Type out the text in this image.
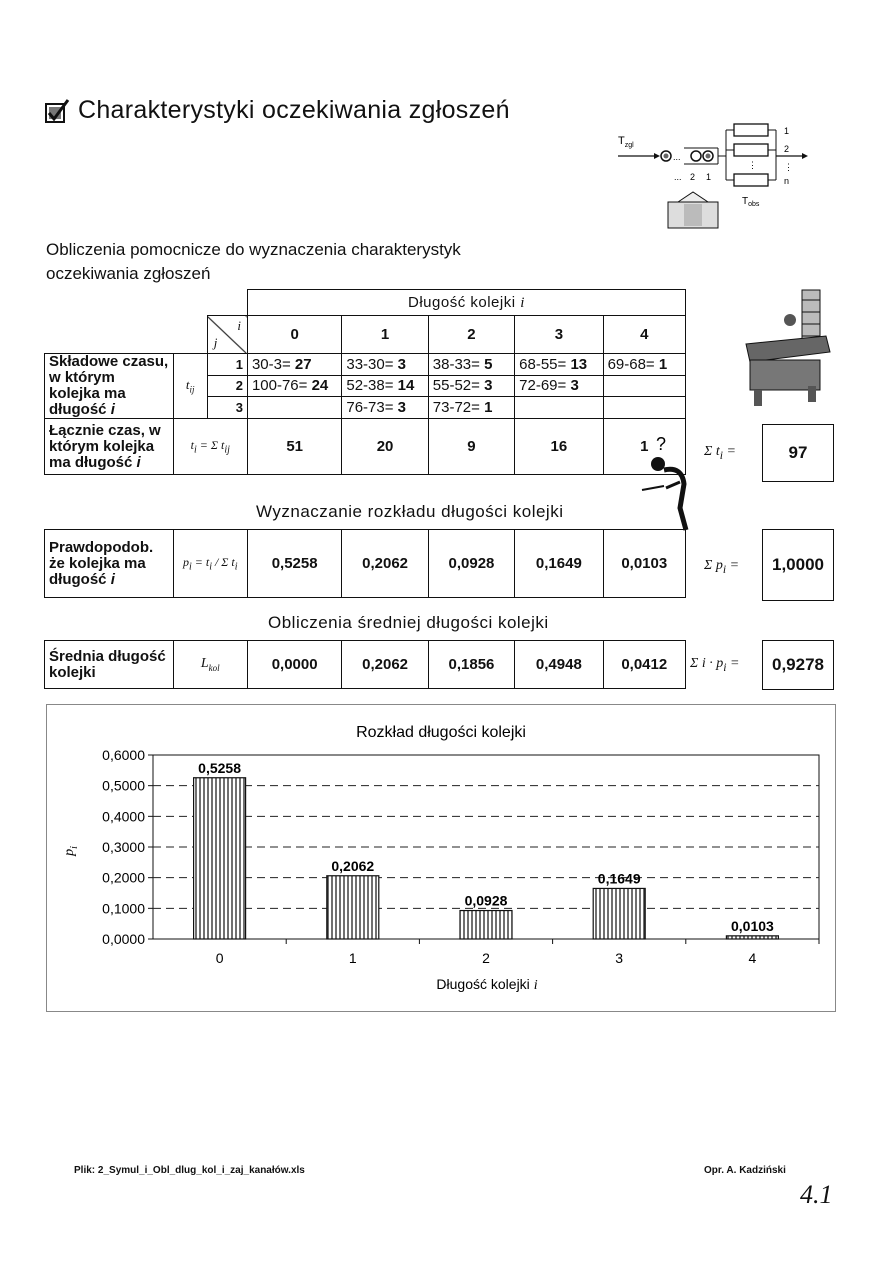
Charakterystyki oczekiwania zgłoszeń
$T_{zgl}$
...
... 2 1
⋮
1
2
⋮
n
$T_{obs}$
Obliczenia pomocnicze do wyznaczenia charakterystyk
oczekiwania zgłoszeń
			Długość kolejki i				

		i
j	0	1	2	3	4
Składowe czasu, w którym kolejka ma długość i	$t_{ij}$	1	30-3= 27	33-30= 3	38-33= 5	68-55= 13	69-68= 1
		2	100-76= 24	52-38= 14	55-52= 3	72-69= 3	
		3		76-73= 3	73-72= 1		
Łącznie czas, w którym kolejka ma długość i	$t_i = \Sigma$ $t_{ij}$		51	20	9	16	1	Σ $t_i$ =	97
?
Wyznaczanie rozkładu długości kolejki
Prawdopodob. że kolejka ma długość i	$p_i = t_i / \Sigma$ $t_i$	0,5258	0,2062	0,0928	0,1649	0,0103	Σ $p_i$ =	1,0000
Obliczenia średniej długości kolejki
Średnia długość kolejki	$L_{kol}$	0,0000	0,2062	0,1856	0,4948	0,0412 Σ $i \cdot p_i$ =	0,9278
Rozkład długości kolejki
0,0000
0,1000
0,2000
0,3000
0,4000
0,5000
0,6000
$p_i$
0,5258
0
0,2062
1
0,0928
2
0,1649
3
0,0103
4
Długość kolejki i
Plik: 2_Symul_i_Obl_dlug_kol_i_zaj_kanałów.xls	Opr. A. Kadziński
4.1
